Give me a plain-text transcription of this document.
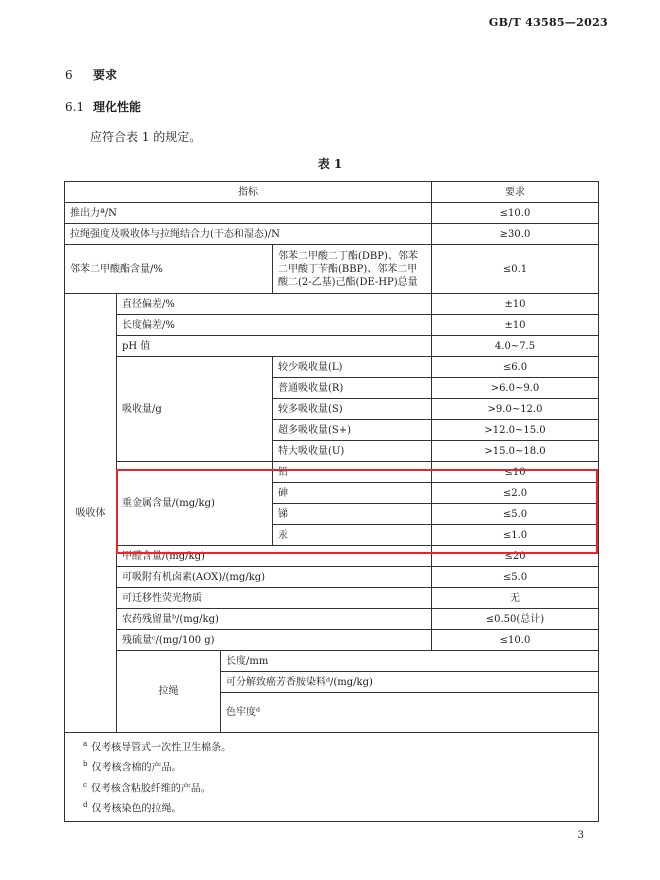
GB/T 43585—2023
6 要求
6.1 理化性能
应符合表 1 的规定。
表 1
指标				要求	
推出力ª/N				≤10.0	
拉绳强度及吸收体与拉绳结合力(干态和湿态)/N				≥30.0	
邻苯二甲酸酯含量/%			邻苯二甲酸二丁酯(DBP)、邻苯二甲酸丁苄酯(BBP)、邻苯二甲酸二(2-乙基)己酯(DE-HP)总量	≤0.1	
吸收体	直径偏差/%			±10	
	长度偏差/%			±10	
	pH 值			4.0~7.5	
	吸收量/g		较少吸收量(L)	≤6.0	
			普通吸收量(R)	>6.0~9.0	
			较多吸收量(S)	>9.0~12.0	
			超多吸收量(S+)	>12.0~15.0	
			特大吸收量(U)	>15.0~18.0	
	重金属含量/(mg/kg)		铅	≤10	
			砷	≤2.0	
			锑	≤5.0	
			汞	≤1.0	
	甲醛含量/(mg/kg)			≤20	
	可吸附有机卤素(AOX)/(mg/kg)			≤5.0	
	可迁移性荧光物质			无	
	农药残留量ᵇ/(mg/kg)			≤0.50(总计)	
	残硫量ᶜ/(mg/100 g)			≤10.0	
	拉绳	长度/mm	
		可分解致癌芳香胺染料ᵈ/(mg/kg)	
		色牢度ᵈ	

$^a$ 仅考核导管式一次性卫生棉条。
$^b$ 仅考核含棉的产品。
$^c$ 仅考核含粘胶纤维的产品。
$^d$ 仅考核染色的拉绳。					
3
